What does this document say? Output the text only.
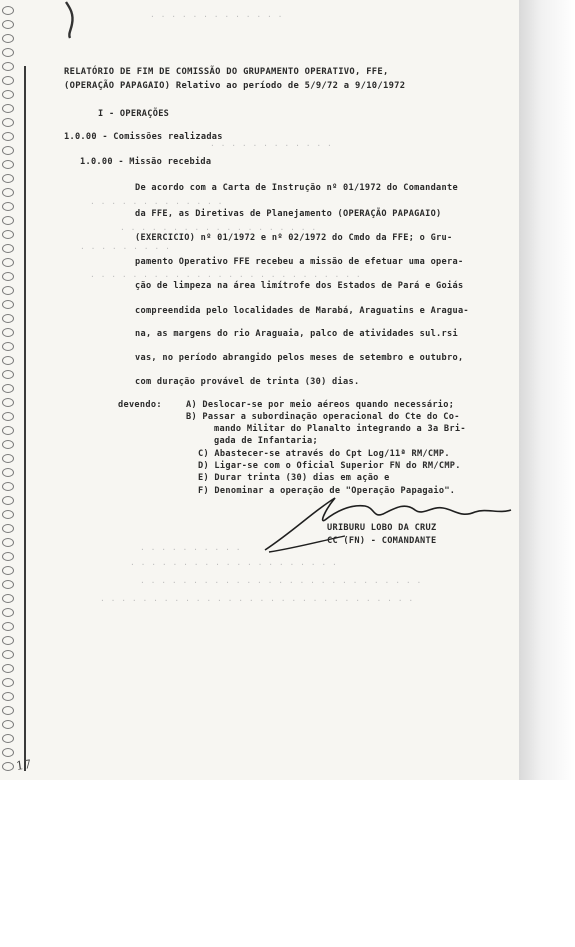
· · · · · · · · · · · · ·
· · · · · · · · · · · ·
· · · · · · · · · · · · ·
· · · · · · · · · · · · · · · · · · ·
· · · · · · · · ·
· · · · · · · · · · · · · · · · · · · · · · · · · ·
· · · · · · · · · ·
· · · · · · · · · · · · · · · · · · · ·
· · · · · · · · · · · · · · · · · · · · · · · · · · ·
· · · · · · · · · · · · · · · · · · · · · · · · · · · · · ·
RELATÓRIO DE FIM DE COMISSÃO DO GRUPAMENTO OPERATIVO, FFE,
(OPERAÇÃO PAPAGAIO) Relativo ao período de 5/9/72 a 9/10/1972
I - OPERAÇÕES
1.0.00 - Comissões realizadas
1.0.00 - Missão recebida
De acordo com a Carta de Instrução nº 01/1972 do Comandante
da FFE, as Diretivas de Planejamento (OPERAÇÃO PAPAGAIO)
(EXERCICIO) nº 01/1972 e nº 02/1972 do Cmdo da FFE; o Gru-
pamento Operativo FFE recebeu a missão de efetuar uma opera-
ção de limpeza na área limítrofe dos Estados de Pará e Goiás
compreendida pelo localidades de Marabá, Araguatins e Aragua-
na, as margens do rio Araguaia, palco de atividades sul.rsi
vas, no período abrangido pelos meses de setembro e outubro,
com duração provável de trinta (30) dias.
devendo:	A) Deslocar-se por meio aéreos quando necessário;
B) Passar a subordinação operacional do Cte do Co-
mando Militar do Planalto integrando a 3a Bri-
gada de Infantaria;
C) Abastecer-se através do Cpt Log/11ª RM/CMP.
D) Ligar-se com o Oficial Superior FN do RM/CMP.
E) Durar trinta (30) dias em ação e
F) Denominar a operação de "Operação Papagaio".
URIBURU LOBO DA CRUZ
CC (FN) - COMANDANTE
17
